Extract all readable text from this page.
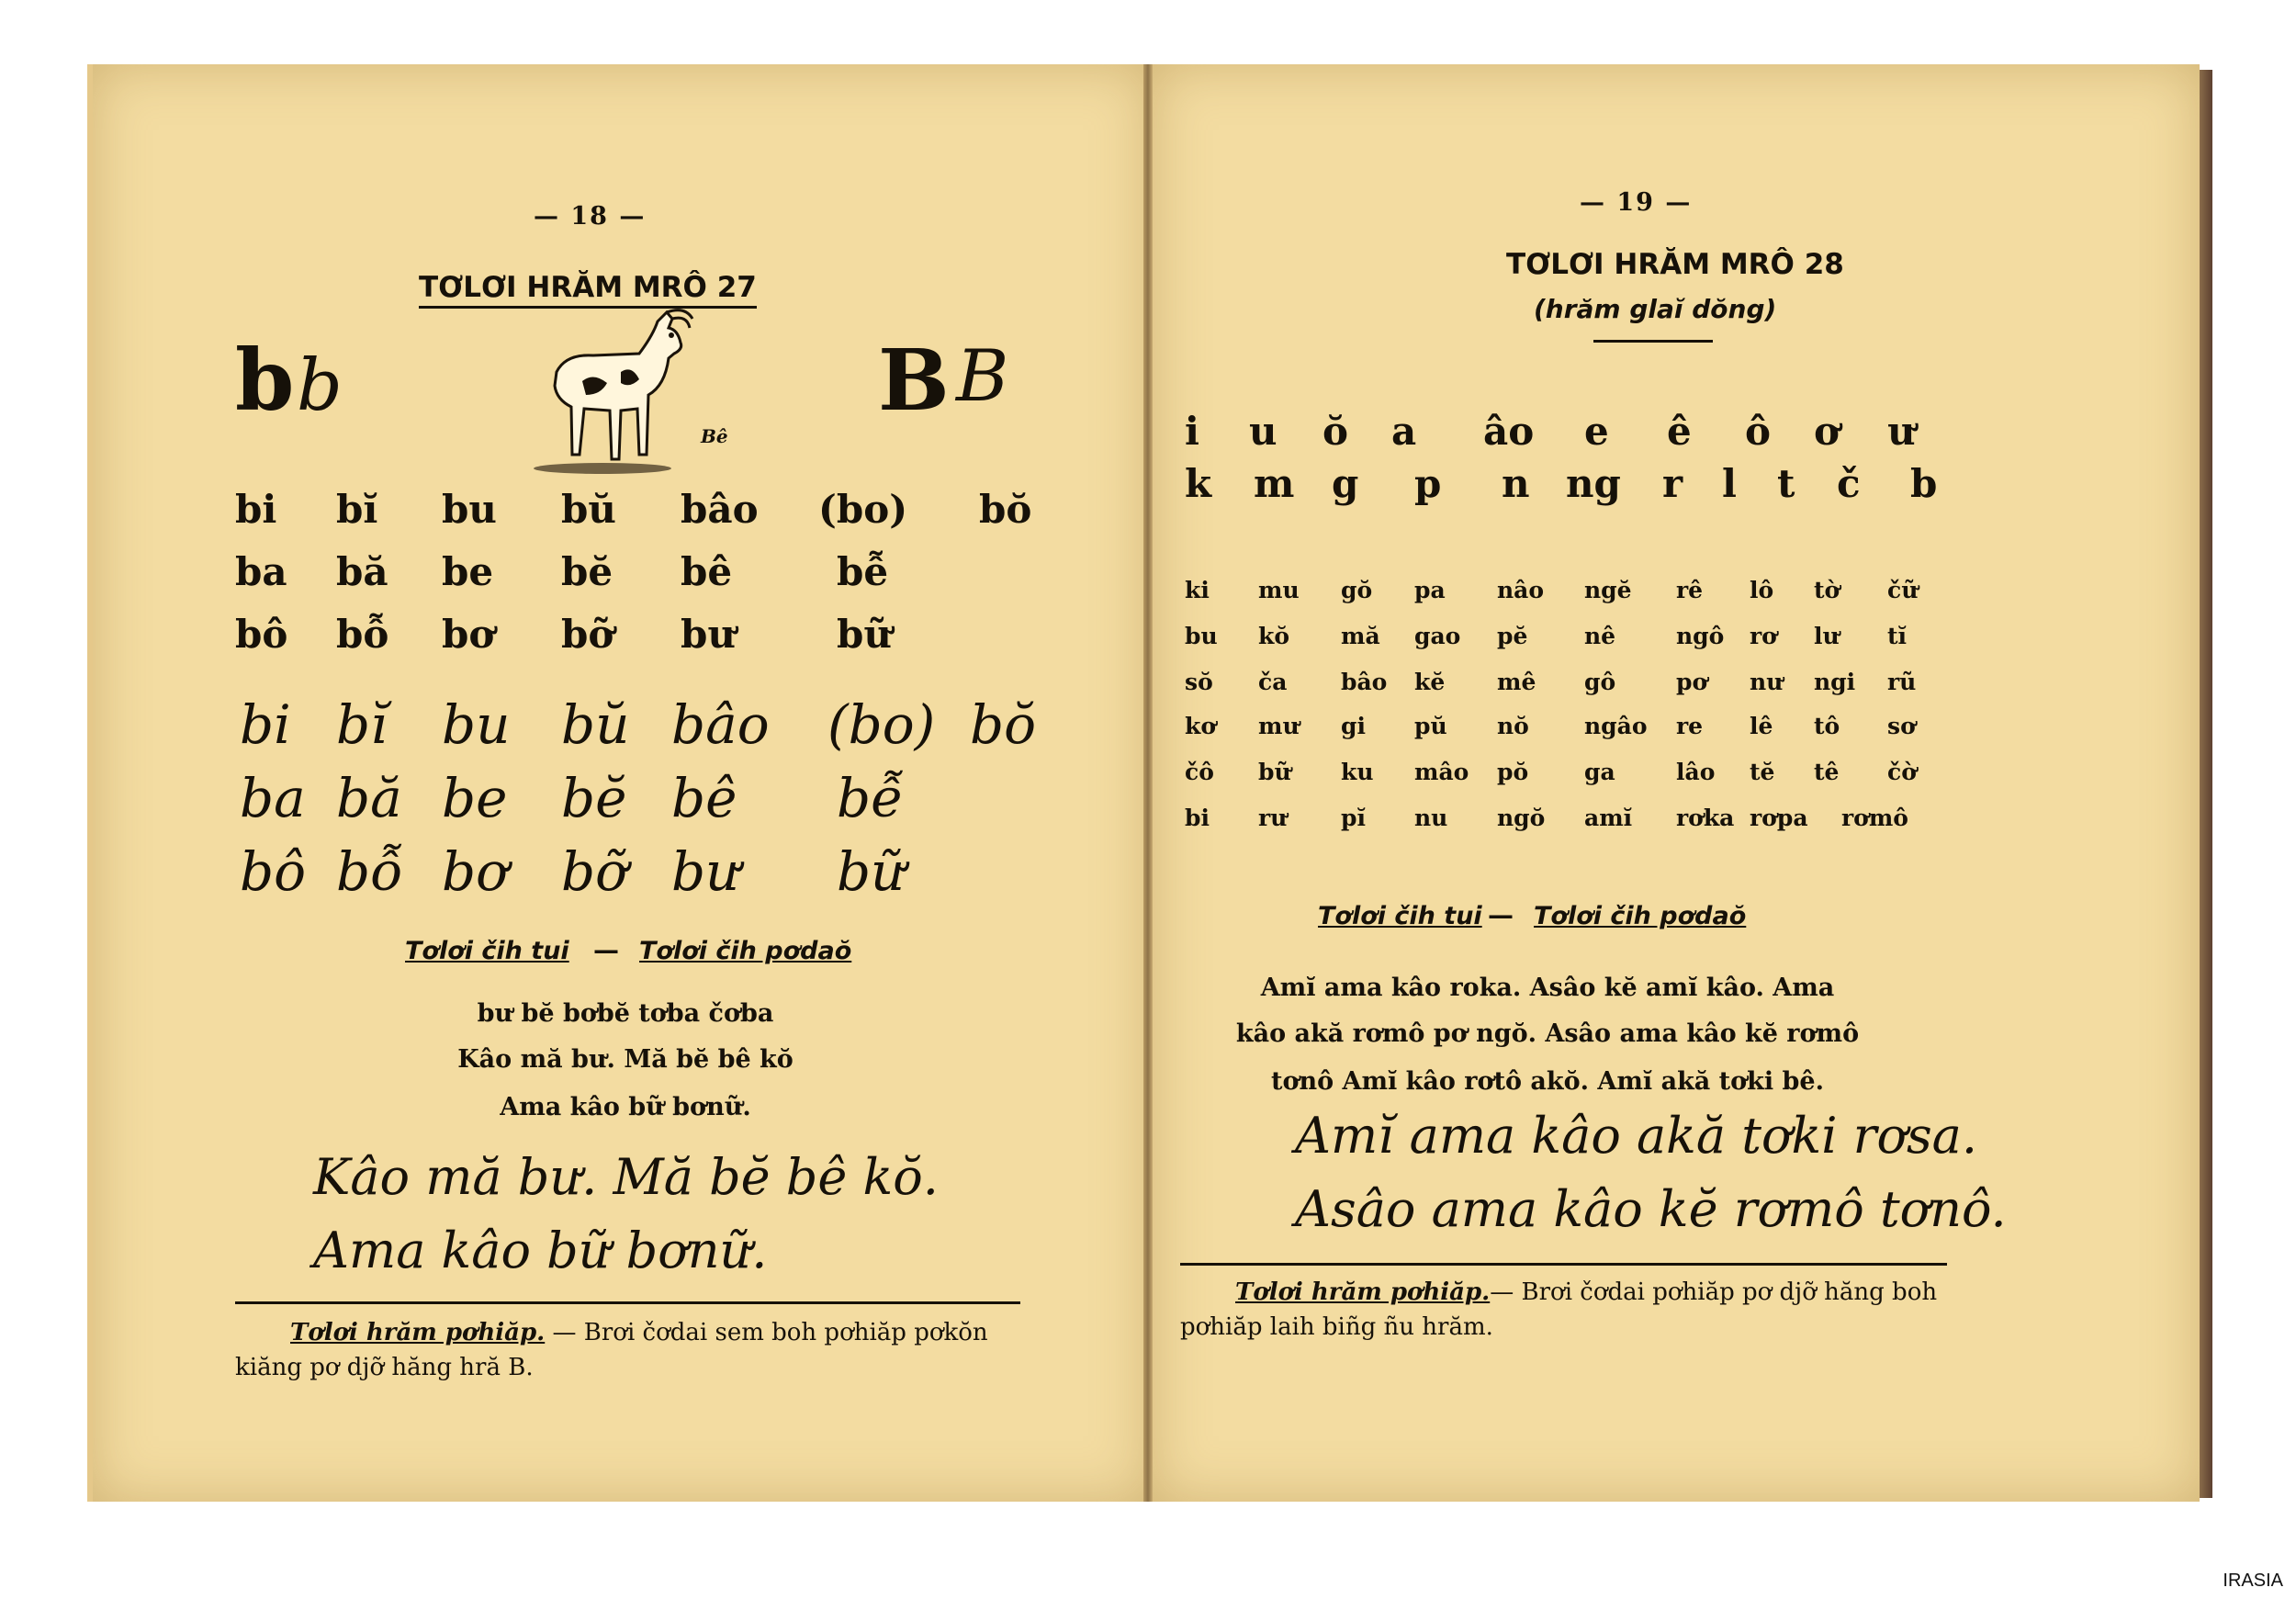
— 18 —
TƠLƠI HRĂM MRÔ 27
b b
Bê
B B
bi bĭ bu bŭ bâo (bo) bŏ
ba bă be bĕ bê	bễ
bô bỗ bơ bỡ bư	bữ
bi bĭ bu bŭ bâo (bo) bŏ
ba bă be bĕ bê bễ
bô bỗ bơ bỡ bư bữ
Tơlơi čih tui — Tơlơi čih pơdaŏ
bư bĕ bơbĕ tơba čơba
Kâo mă bư. Mă bĕ bê kŏ
Ama kâo bữ bơnữ.
Kâo mă bư. Mă bĕ bê kŏ.
Ama kâo bữ bơnữ.
Tơlơi hrăm pơhiăp. — Brơi čơdai sem boh pơhiăp pơkŏn kiăng pơ djỡ hăng hră B.
— 19 —
TƠLƠI HRĂM MRÔ 28
(hrăm glaĭ dŏng)
i u ŏ a âo e ê ô ơ ư
k m g p n ng r l t č b
ki mu gŏ pa nâo ngĕ rê lô tờ čữ
bu kŏ mă gao pĕ nê	ngô rơ lư tĭ
sŏ ča bâo kĕ mê gô	pơ nư ngi rũ
kơ mư gi pŭ nŏ ngâo re lê tô sơ
čô bữ ku mâo pŏ ga	lâo tĕ tê čờ
bi rư pĭ nu ngŏ amĭ rơka rơpa rơmô
Tơlơi čih tui — Tơlơi čih pơdaŏ
Amĭ ama kâo roka. Asâo kĕ amĭ kâo. Ama
kâo akă rơmô pơ ngŏ. Asâo ama kâo kĕ rơmô
tơnô Amĭ kâo rơtô akŏ. Amĭ akă tơki bê.
Amĭ ama kâo akă tơki rơsa.
Asâo ama kâo kĕ rơmô tơnô.
Tơlơi hrăm pơhiăp.— Brơi čơdai pơhiăp pơ djỡ hăng boh pơhiăp laih biñg ñu hrăm.
IRASIA
